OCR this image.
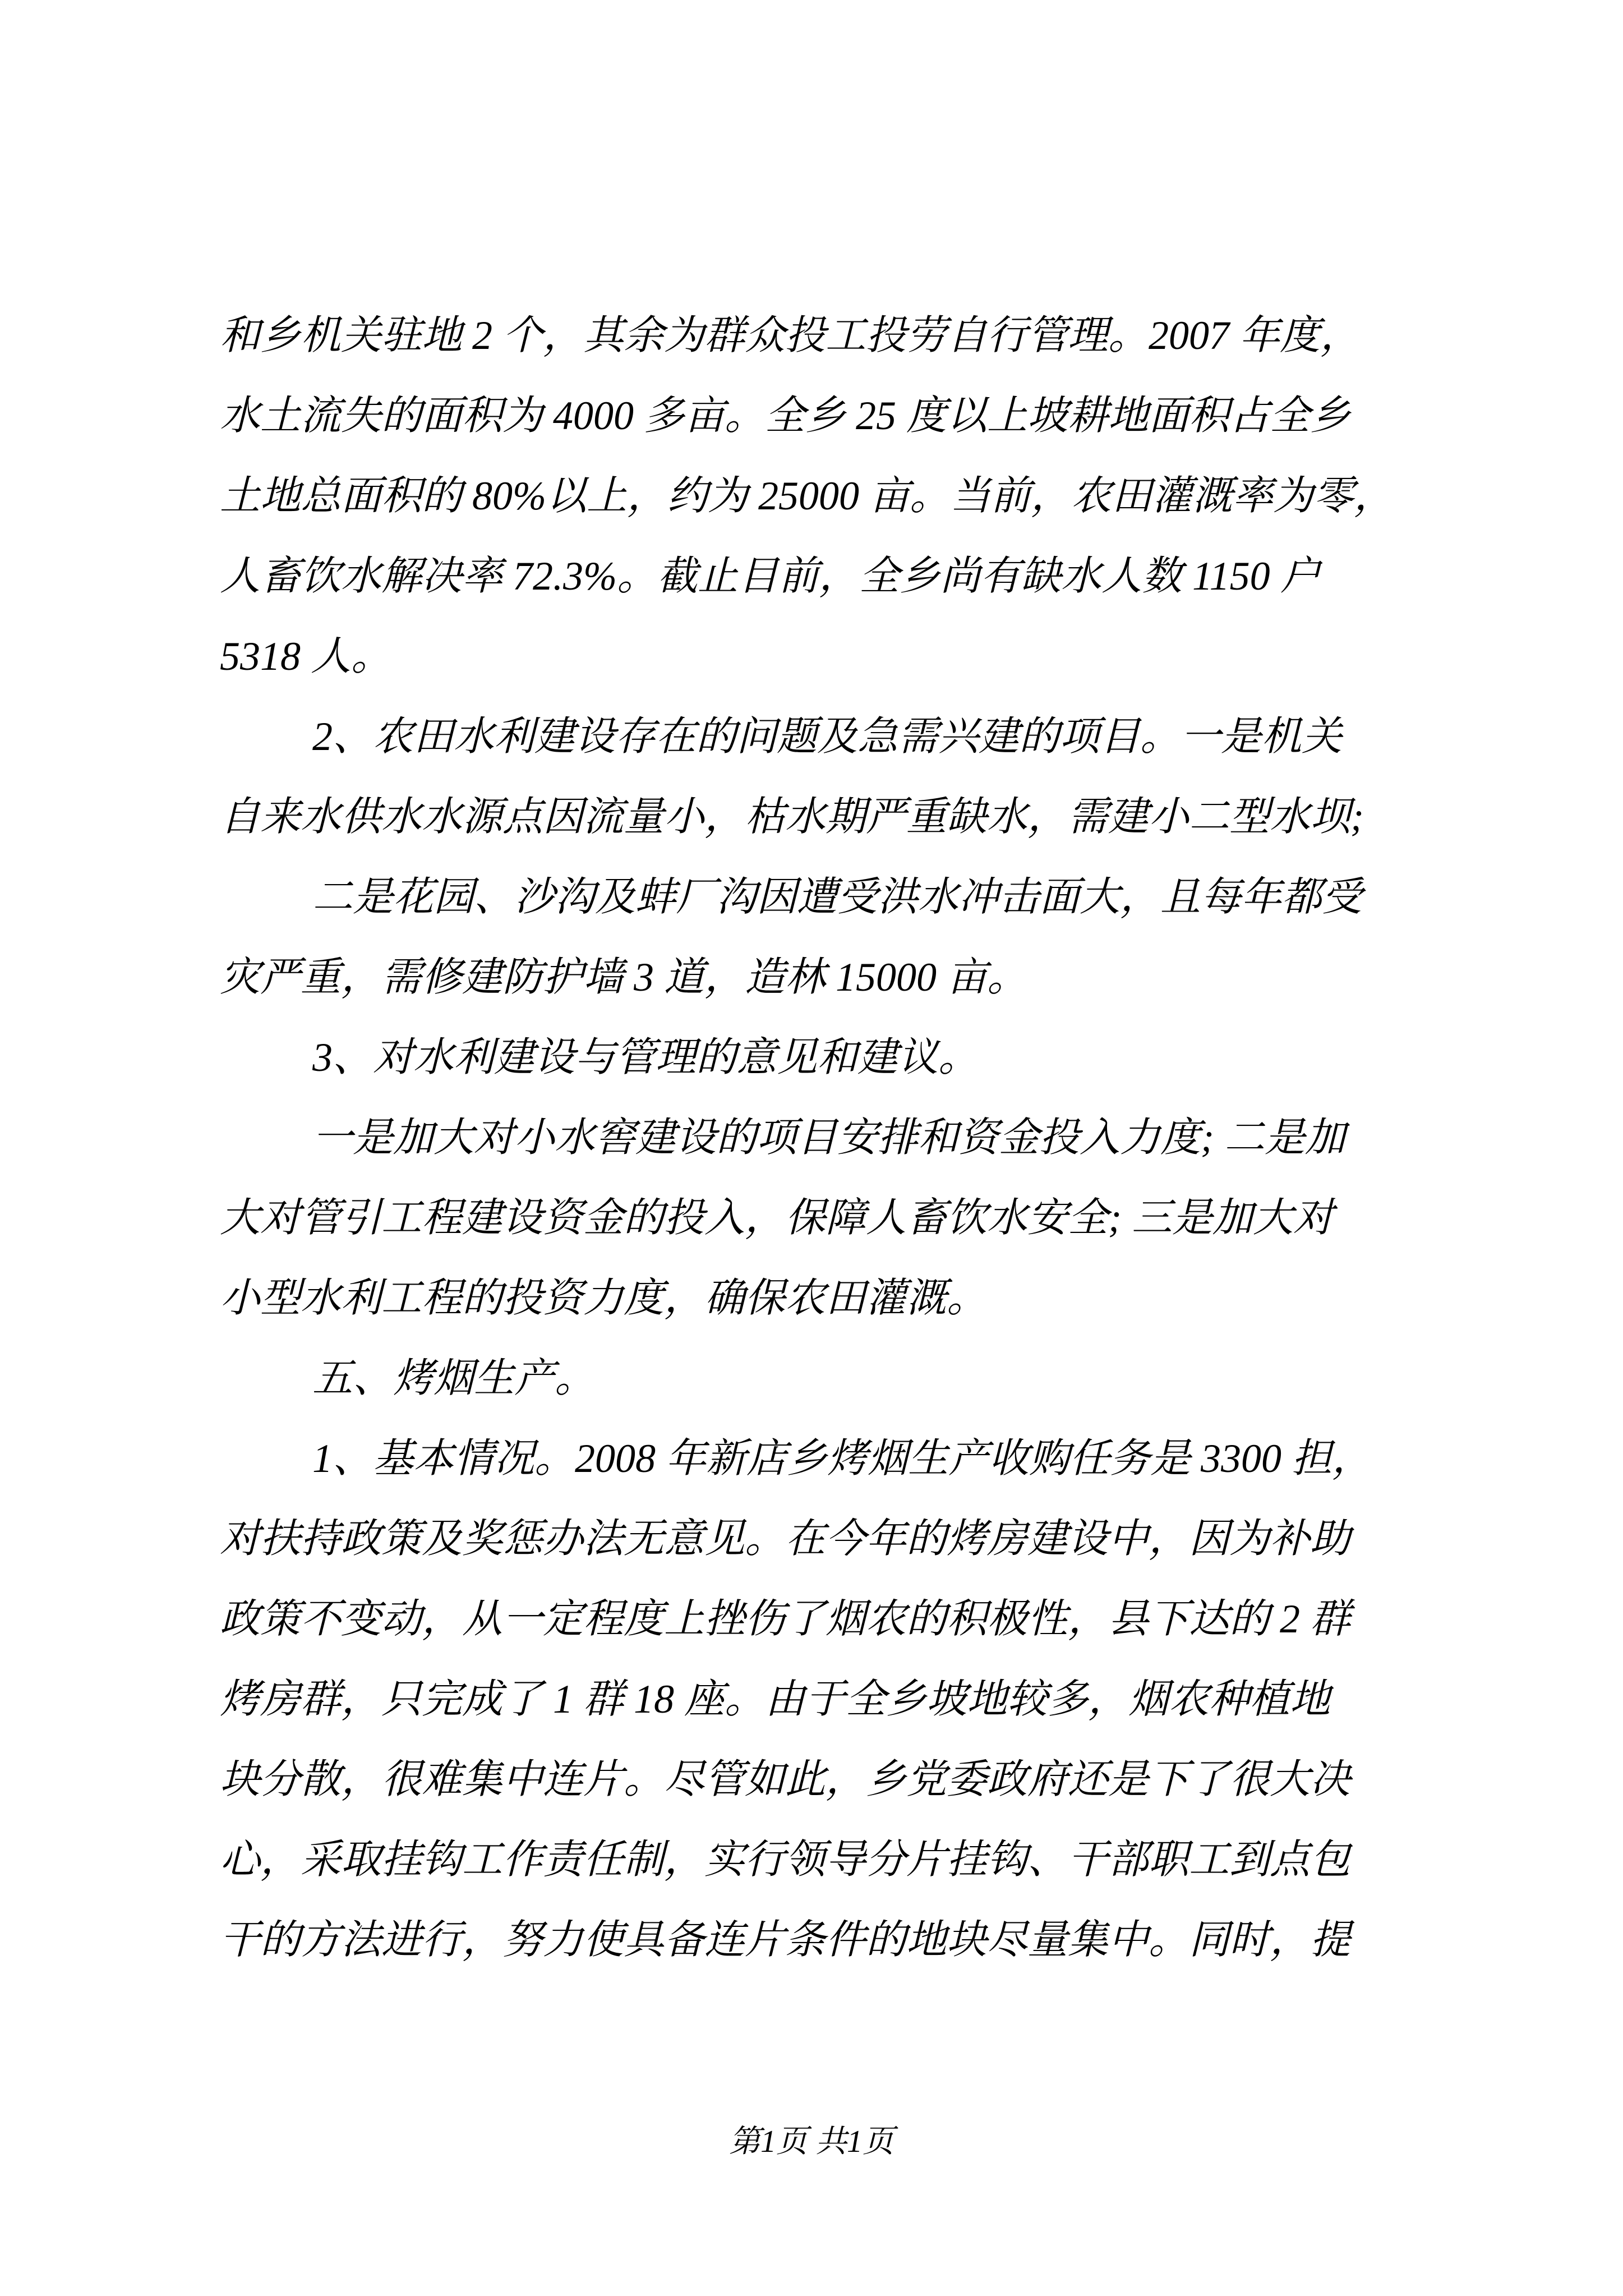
和乡机关驻地 2 个，其余为群众投工投劳自行管理。2007 年度，
水土流失的面积为 4000 多亩。全乡 25 度以上坡耕地面积占全乡
土地总面积的 80%以上，约为 25000 亩。当前，农田灌溉率为零，
人畜饮水解决率 72.3%。截止目前，全乡尚有缺水人数 1150 户
5318 人。
2、农田水利建设存在的问题及急需兴建的项目。一是机关
自来水供水水源点因流量小，枯水期严重缺水，需建小二型水坝;
二是花园、沙沟及蚌厂沟因遭受洪水冲击面大，且每年都受
灾严重，需修建防护墙 3 道，造林 15000 亩。
3、对水利建设与管理的意见和建议。
一是加大对小水窖建设的项目安排和资金投入力度; 二是加
大对管引工程建设资金的投入，保障人畜饮水安全; 三是加大对
小型水利工程的投资力度，确保农田灌溉。
五、烤烟生产。
1、基本情况。2008 年新店乡烤烟生产收购任务是 3300 担，
对扶持政策及奖惩办法无意见。在今年的烤房建设中，因为补助
政策不变动，从一定程度上挫伤了烟农的积极性，县下达的 2 群
烤房群，只完成了 1 群 18 座。由于全乡坡地较多，烟农种植地
块分散，很难集中连片。尽管如此，乡党委政府还是下了很大决
心，采取挂钩工作责任制，实行领导分片挂钩、干部职工到点包
干的方法进行，努力使具备连片条件的地块尽量集中。同时，提
第1页 共1页
